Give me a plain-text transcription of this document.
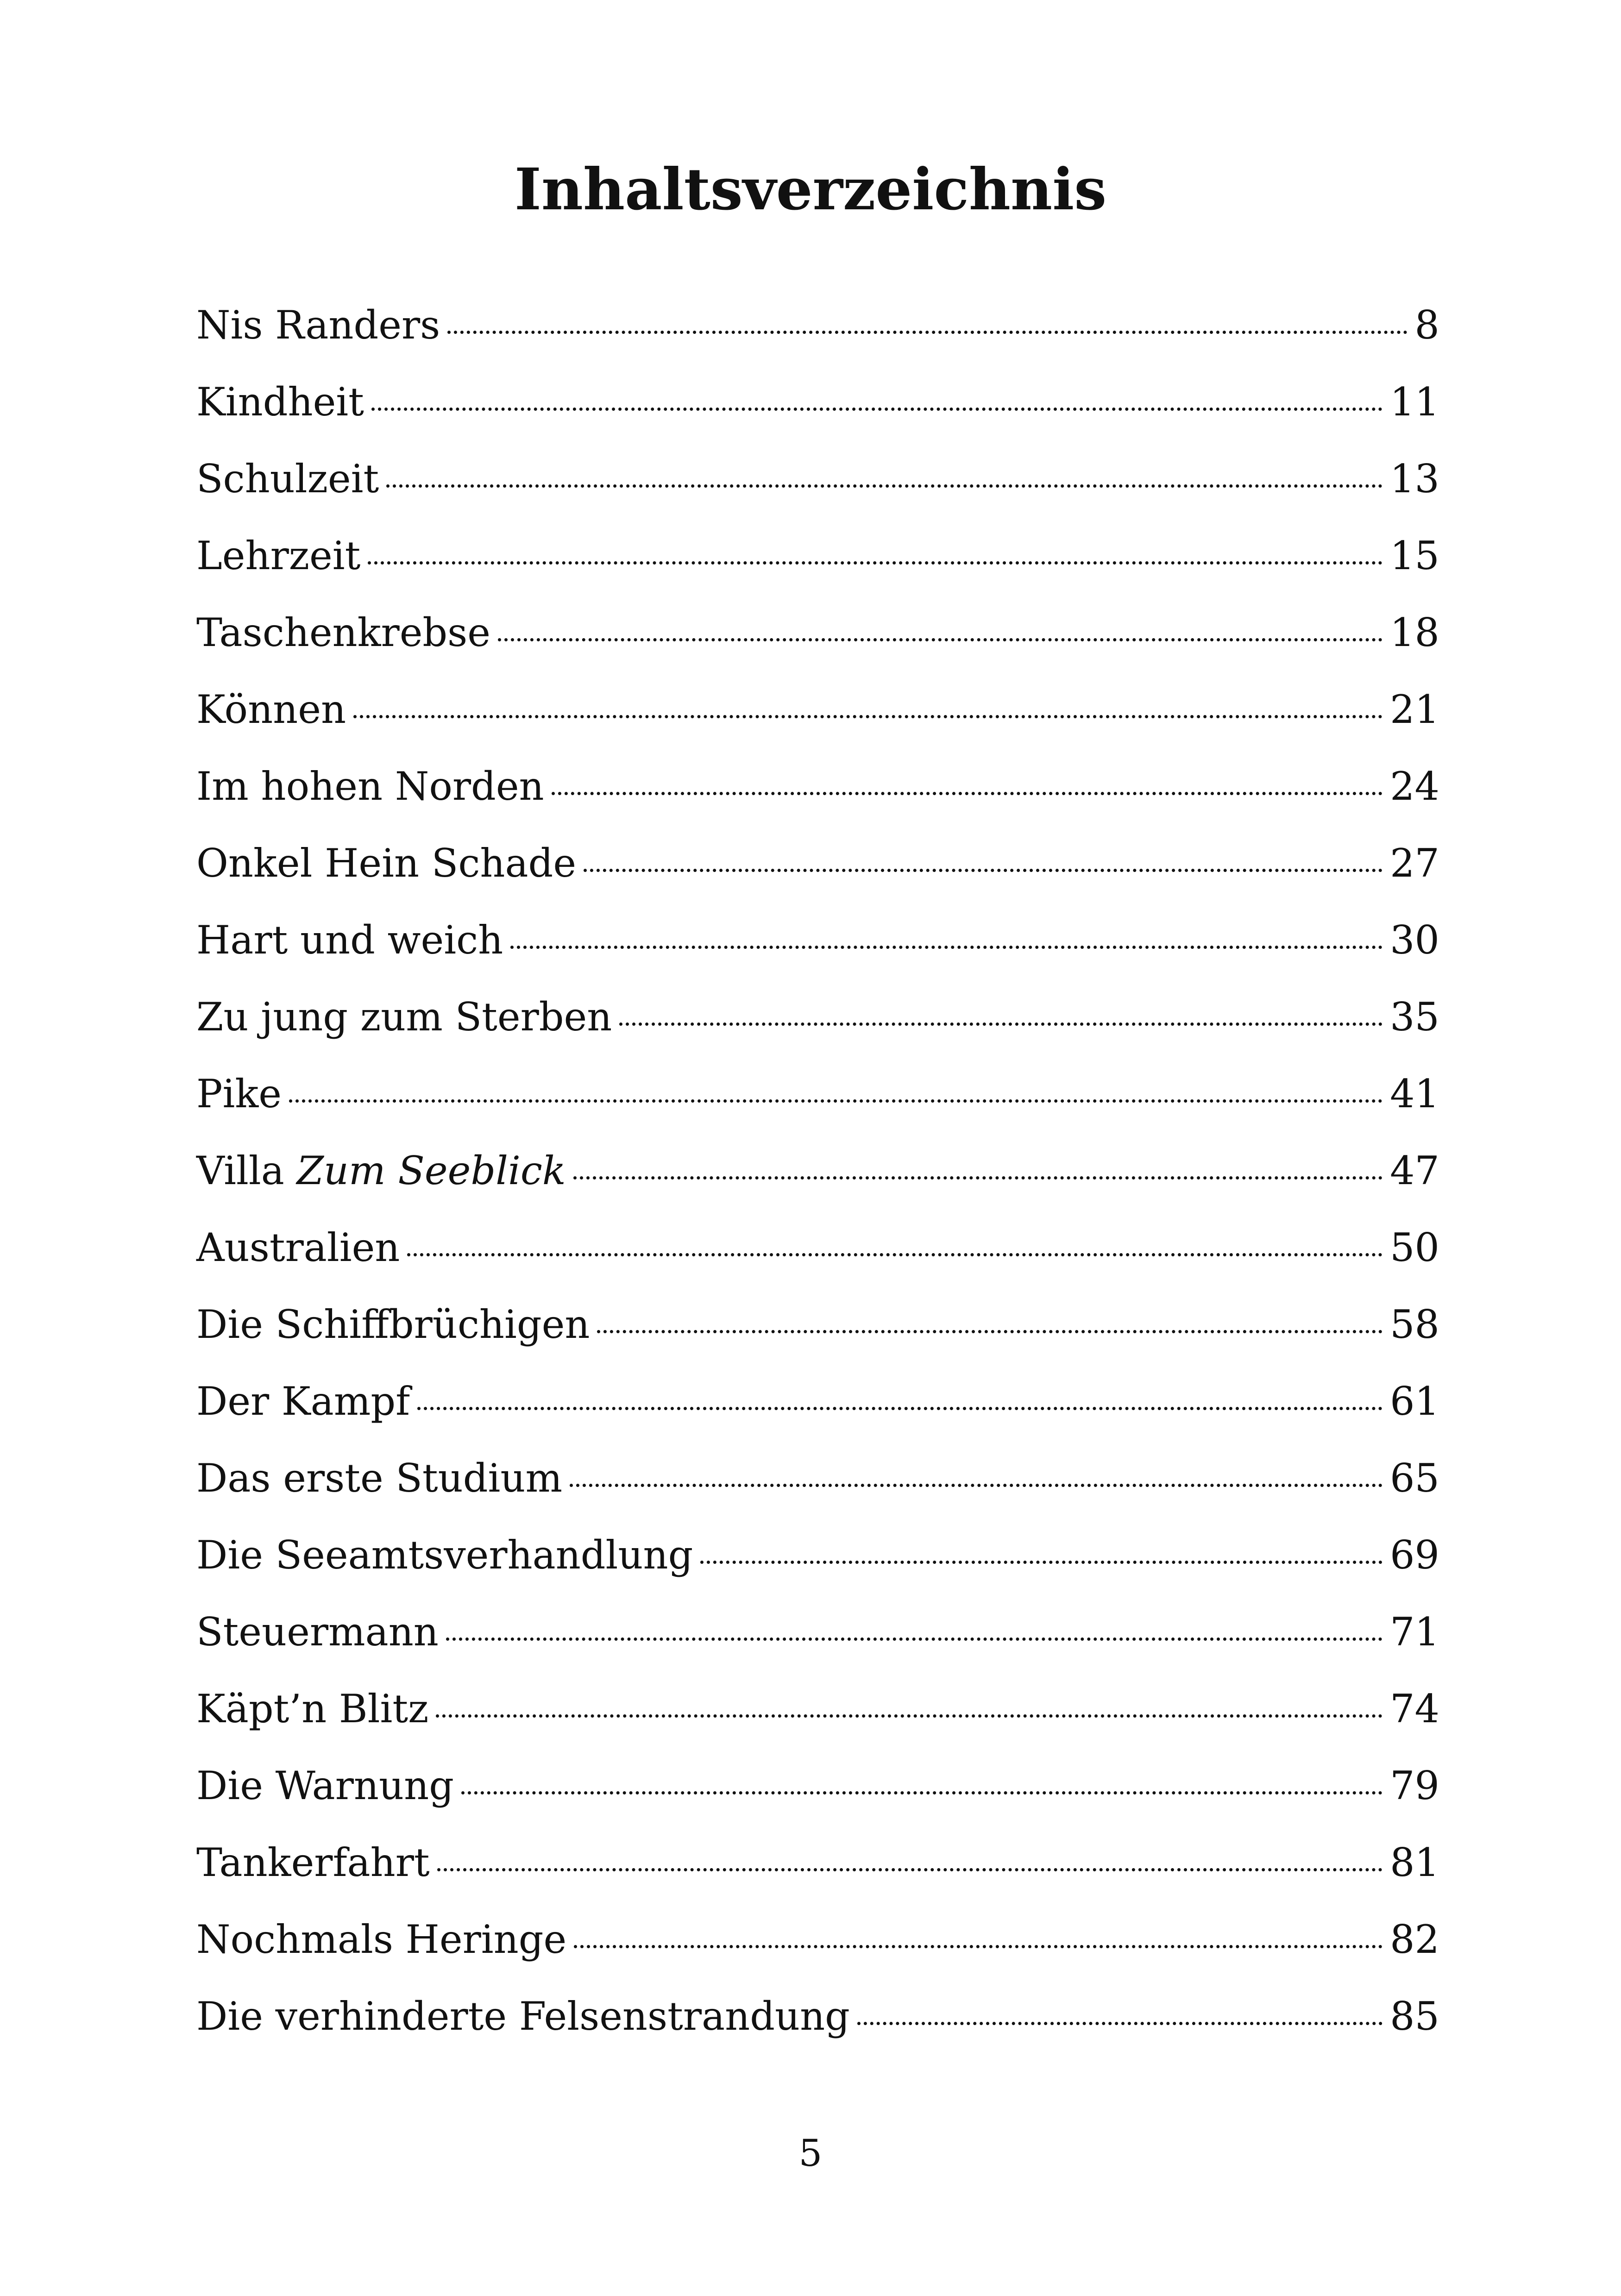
Inhaltsverzeichnis
Nis Randers	8
Kindheit	11
Schulzeit	13
Lehrzeit	15
Taschenkrebse	18
Können	21
Im hohen Norden	24
Onkel Hein Schade	27
Hart und weich	30
Zu jung zum Sterben	35
Pike	41
Villa Zum Seeblick	47
Australien	50
Die Schiffbrüchigen	58
Der Kampf	61
Das erste Studium	65
Die Seeamtsverhandlung	69
Steuermann	71
Käpt’n Blitz	74
Die Warnung	79
Tankerfahrt	81
Nochmals Heringe	82
Die verhinderte Felsenstrandung	85

5
